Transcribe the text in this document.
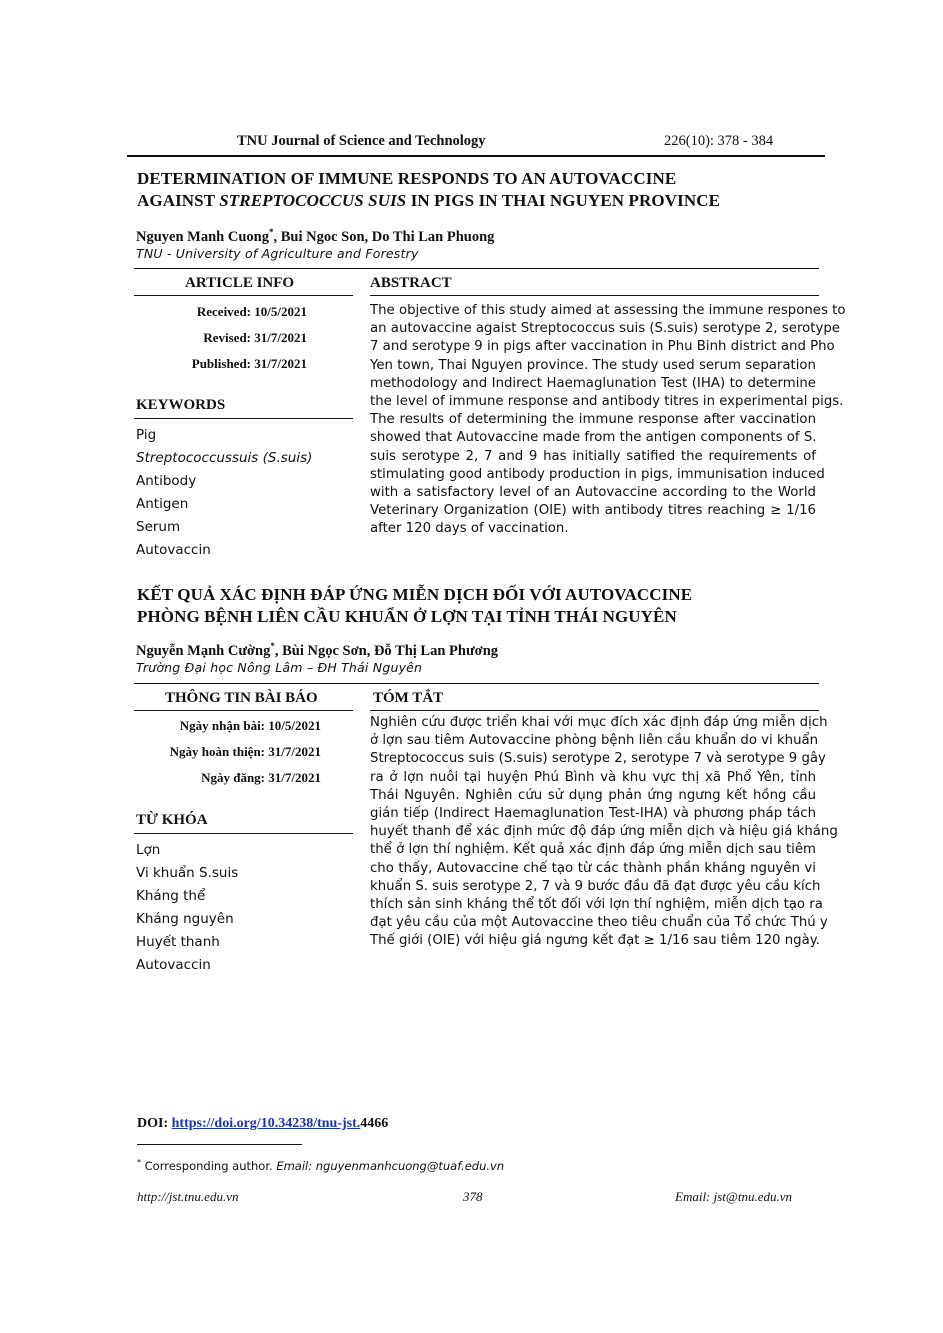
TNU Journal of Science and Technology	226(10): 378 - 384
DETERMINATION OF IMMUNE RESPONDS TO AN AUTOVACCINE
AGAINST STREPTOCOCCUS SUIS IN PIGS IN THAI NGUYEN PROVINCE
Nguyen Manh Cuong*, Bui Ngoc Son, Do Thi Lan Phuong
TNU - University of Agriculture and Forestry
ARTICLE INFO	ABSTRACT
Received: 10/5/2021
Revised: 31/7/2021
Published: 31/7/2021
KEYWORDS
Pig
Streptococcussuis (S.suis)
Antibody
Antigen
Serum
Autovaccin
The objective of this study aimed at assessing the immune respones to
an autovaccine agaist Streptococcus suis (S.suis) serotype 2, serotype
7 and serotype 9 in pigs after vaccination in Phu Binh district and Pho
Yen town, Thai Nguyen province. The study used serum separation
methodology and Indirect Haemaglunation Test (IHA) to determine
the level of immune response and antibody titres in experimental pigs.
The results of determining the immune response after vaccination
showed that Autovaccine made from the antigen components of S.
suis serotype 2, 7 and 9 has initially satified the requirements of
stimulating good antibody production in pigs, immunisation induced
with a satisfactory level of an Autovaccine according to the World
Veterinary Organization (OIE) with antibody titres reaching ≥ 1/16
after 120 days of vaccination.
KẾT QUẢ XÁC ĐỊNH ĐÁP ỨNG MIỄN DỊCH ĐỐI VỚI AUTOVACCINE
PHÒNG BỆNH LIÊN CẦU KHUẨN Ở LỢN TẠI TỈNH THÁI NGUYÊN
Nguyễn Mạnh Cường*, Bùi Ngọc Sơn, Đỗ Thị Lan Phương
Trường Đại học Nông Lâm – ĐH Thái Nguyên
THÔNG TIN BÀI BÁO	TÓM TẮT
Ngày nhận bài: 10/5/2021
Ngày hoàn thiện: 31/7/2021
Ngày đăng: 31/7/2021
TỪ KHÓA
Lợn
Vi khuẩn S.suis
Kháng thể
Kháng nguyên
Huyết thanh
Autovaccin
Nghiên cứu được triển khai với mục đích xác định đáp ứng miễn dịch
ở lợn sau tiêm Autovaccine phòng bệnh liên cầu khuẩn do vi khuẩn
Streptococcus suis (S.suis) serotype 2, serotype 7 và serotype 9 gây
ra ở lợn nuôi tại huyện Phú Bình và khu vực thị xã Phổ Yên, tỉnh
Thái Nguyên. Nghiên cứu sử dụng phản ứng ngưng kết hồng cầu
gián tiếp (Indirect Haemaglunation Test-IHA) và phương pháp tách
huyết thanh để xác định mức độ đáp ứng miễn dịch và hiệu giá kháng
thể ở lợn thí nghiệm. Kết quả xác định đáp ứng miễn dịch sau tiêm
cho thấy, Autovaccine chế tạo từ các thành phần kháng nguyên vi
khuẩn S. suis serotype 2, 7 và 9 bước đầu đã đạt được yêu cầu kích
thích sản sinh kháng thể tốt đối với lợn thí nghiệm, miễn dịch tạo ra
đạt yêu cầu của một Autovaccine theo tiêu chuẩn của Tổ chức Thú y
Thế giới (OIE) với hiệu giá ngưng kết đạt ≥ 1/16 sau tiêm 120 ngày.
DOI: https://doi.org/10.34238/tnu-jst.4466
* Corresponding author. Email: nguyenmanhcuong@tuaf.edu.vn
http://jst.tnu.edu.vn	378	Email: jst@tnu.edu.vn
